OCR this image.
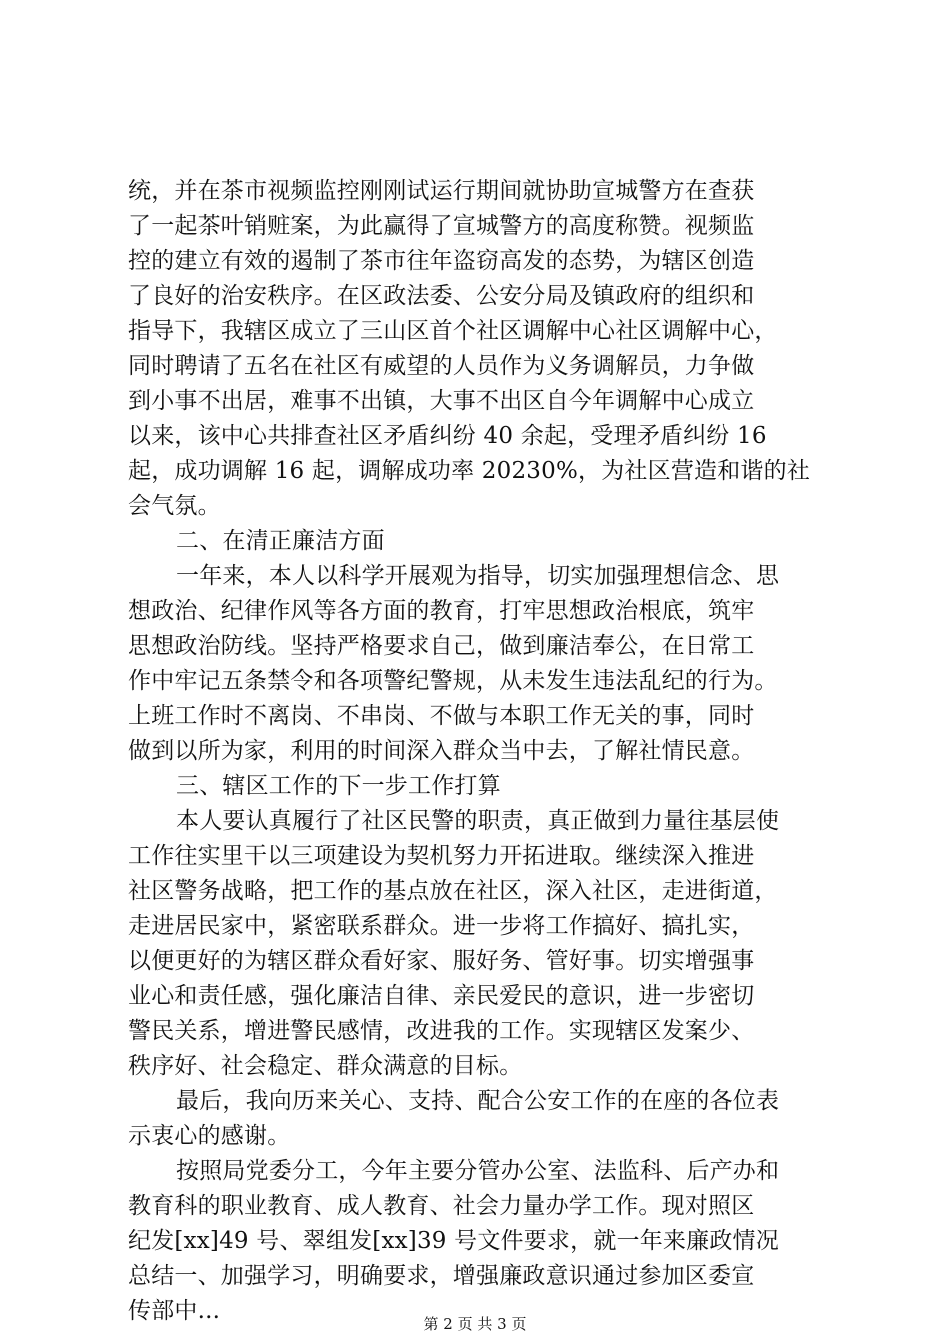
统，并在茶市视频监控刚刚试运行期间就协助宣城警方在查获
了一起茶叶销赃案，为此赢得了宣城警方的高度称赞。视频监
控的建立有效的遏制了茶市往年盗窃高发的态势，为辖区创造
了良好的治安秩序。在区政法委、公安分局及镇政府的组织和
指导下，我辖区成立了三山区首个社区调解中心社区调解中心，
同时聘请了五名在社区有威望的人员作为义务调解员，力争做
到小事不出居，难事不出镇，大事不出区自今年调解中心成立
以来，该中心共排查社区矛盾纠纷 40 余起，受理矛盾纠纷 16
起，成功调解 16 起，调解成功率 20230%，为社区营造和谐的社
会气氛。
二、在清正廉洁方面
一年来，本人以科学开展观为指导，切实加强理想信念、思
想政治、纪律作风等各方面的教育，打牢思想政治根底，筑牢
思想政治防线。坚持严格要求自己，做到廉洁奉公，在日常工
作中牢记五条禁令和各项警纪警规，从未发生违法乱纪的行为。
上班工作时不离岗、不串岗、不做与本职工作无关的事，同时
做到以所为家，利用的时间深入群众当中去，了解社情民意。
三、辖区工作的下一步工作打算
本人要认真履行了社区民警的职责，真正做到力量往基层使
工作往实里干以三项建设为契机努力开拓进取。继续深入推进
社区警务战略，把工作的基点放在社区，深入社区，走进街道，
走进居民家中，紧密联系群众。进一步将工作搞好、搞扎实，
以便更好的为辖区群众看好家、服好务、管好事。切实增强事
业心和责任感，强化廉洁自律、亲民爱民的意识，进一步密切
警民关系，增进警民感情，改进我的工作。实现辖区发案少、
秩序好、社会稳定、群众满意的目标。
最后，我向历来关心、支持、配合公安工作的在座的各位表
示衷心的感谢。
按照局党委分工，今年主要分管办公室、法监科、后产办和
教育科的职业教育、成人教育、社会力量办学工作。现对照区
纪发[xx]49 号、翠组发[xx]39 号文件要求，就一年来廉政情况
总结一、加强学习，明确要求，增强廉政意识通过参加区委宣
传部中...	第 2 页 共 3 页
